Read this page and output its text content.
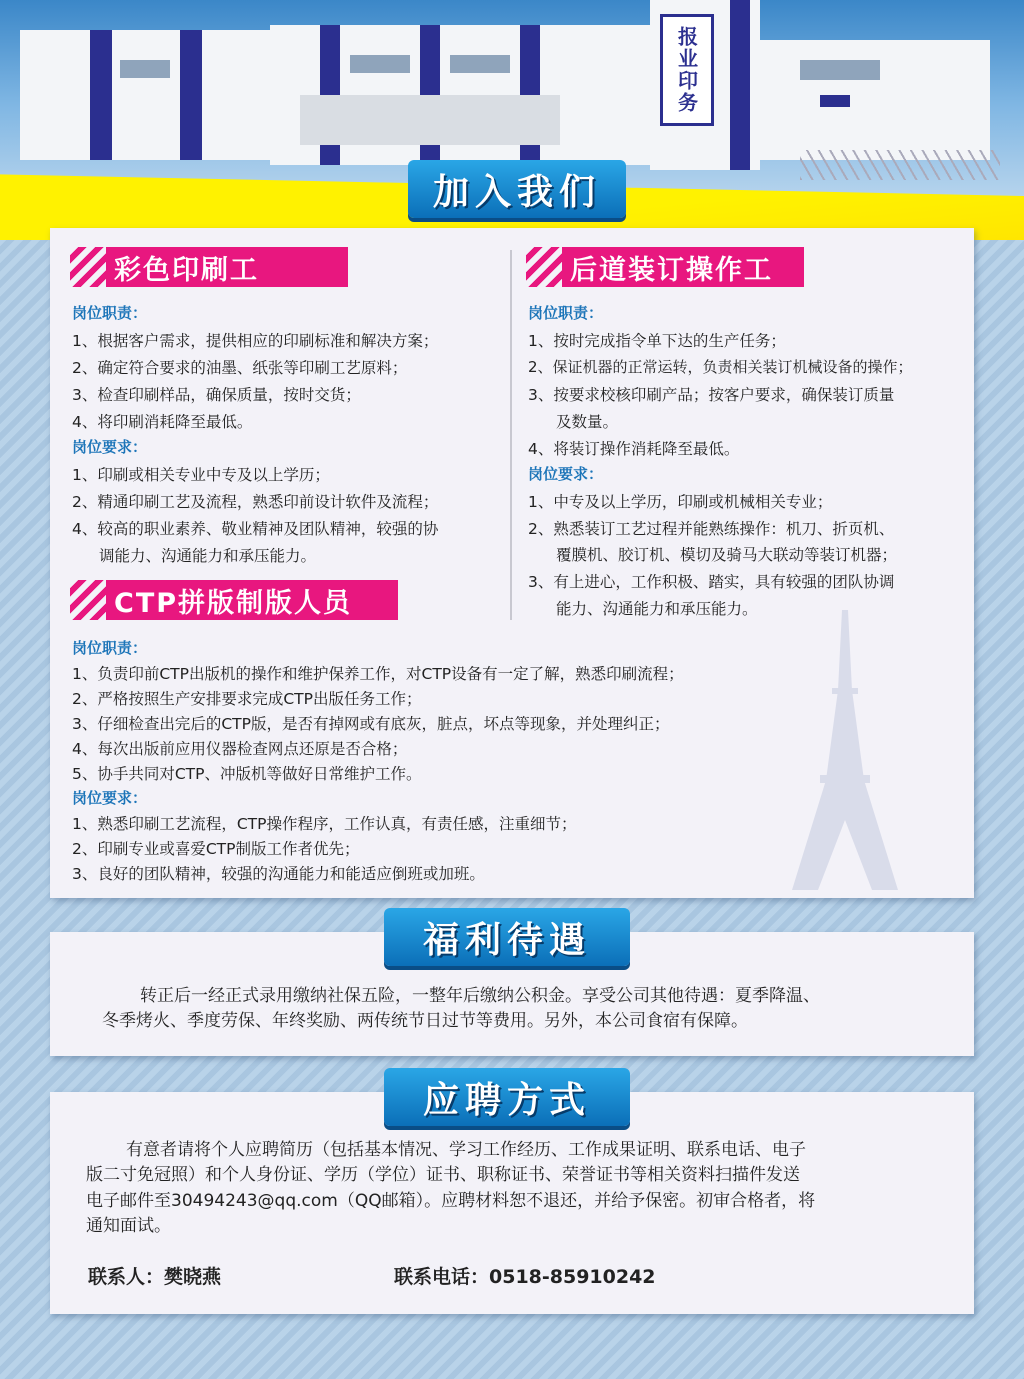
报业印务
加入我们
彩色印刷工
岗位职责：
1、根据客户需求，提供相应的印刷标准和解决方案；
2、确定符合要求的油墨、纸张等印刷工艺原料；
3、检查印刷样品，确保质量，按时交货；
4、将印刷消耗降至最低。
岗位要求：
1、印刷或相关专业中专及以上学历；
2、精通印刷工艺及流程，熟悉印前设计软件及流程；
4、较高的职业素养、敬业精神及团队精神，较强的协
调能力、沟通能力和承压能力。
后道装订操作工
岗位职责：
1、按时完成指令单下达的生产任务；
2、保证机器的正常运转，负责相关装订机械设备的操作；
3、按要求校核印刷产品；按客户要求，确保装订质量
及数量。
4、将装订操作消耗降至最低。
岗位要求：
1、中专及以上学历，印刷或机械相关专业；
2、熟悉装订工艺过程并能熟练操作：机刀、折页机、
覆膜机、胶订机、模切及骑马大联动等装订机器；
3、有上进心，工作积极、踏实，具有较强的团队协调
能力、沟通能力和承压能力。
CTP拼版制版人员
岗位职责：
1、负责印前CTP出版机的操作和维护保养工作，对CTP设备有一定了解，熟悉印刷流程；
2、严格按照生产安排要求完成CTP出版任务工作；
3、仔细检查出完后的CTP版，是否有掉网或有底灰，脏点，坏点等现象，并处理纠正；
4、每次出版前应用仪器检查网点还原是否合格；
5、协手共同对CTP、冲版机等做好日常维护工作。
岗位要求：
1、熟悉印刷工艺流程，CTP操作程序，工作认真，有责任感，注重细节；
2、印刷专业或喜爱CTP制版工作者优先；
3、良好的团队精神，较强的沟通能力和能适应倒班或加班。
福利待遇
转正后一经正式录用缴纳社保五险，一整年后缴纳公积金。享受公司其他待遇：夏季降温、
冬季烤火、季度劳保、年终奖励、两传统节日过节等费用。另外，本公司食宿有保障。
应聘方式
有意者请将个人应聘简历（包括基本情况、学习工作经历、工作成果证明、联系电话、电子
版二寸免冠照）和个人身份证、学历（学位）证书、职称证书、荣誉证书等相关资料扫描件发送
电子邮件至30494243@qq.com（QQ邮箱）。应聘材料恕不退还，并给予保密。初审合格者，将
通知面试。
联系人：樊晓燕	联系电话：0518-85910242
